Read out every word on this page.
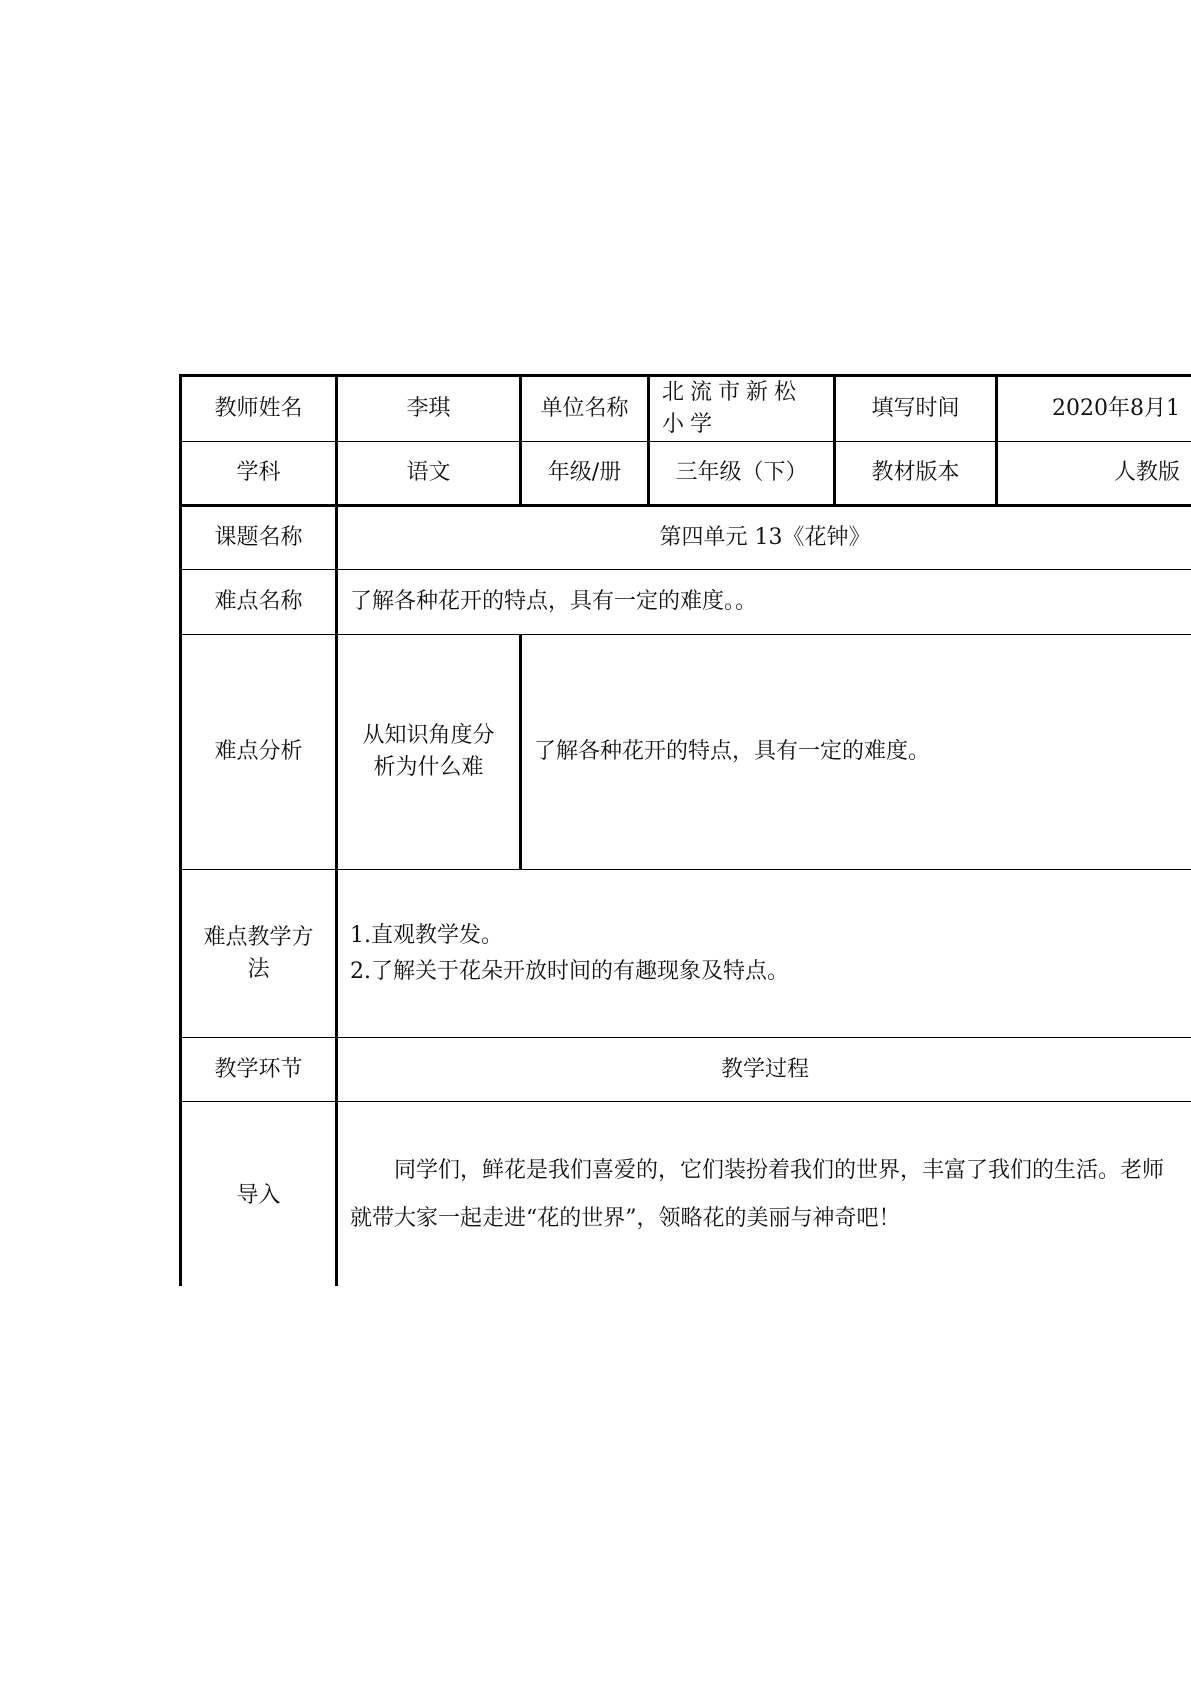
教师姓名	李琪	单位名称	北流市新松小学	填写时间	2020年8月1
学科	语文	年级/册	三年级（下）	教材版本	人教版
课题名称	第四单元 13《花钟》				
难点名称	了解各种花开的特点，具有一定的难度。。				
难点分析	从知识角度分析为什么难	了解各种花开的特点，具有一定的难度。			
难点教学方法	1.直观教学发。
2.了解关于花朵开放时间的有趣现象及特点。				

教学环节	教学过程				
导入	同学们，鲜花是我们喜爱的，它们装扮着我们的世界，丰富了我们的生活。老师就带大家一起走进“花的世界”，领略花的美丽与神奇吧！				
